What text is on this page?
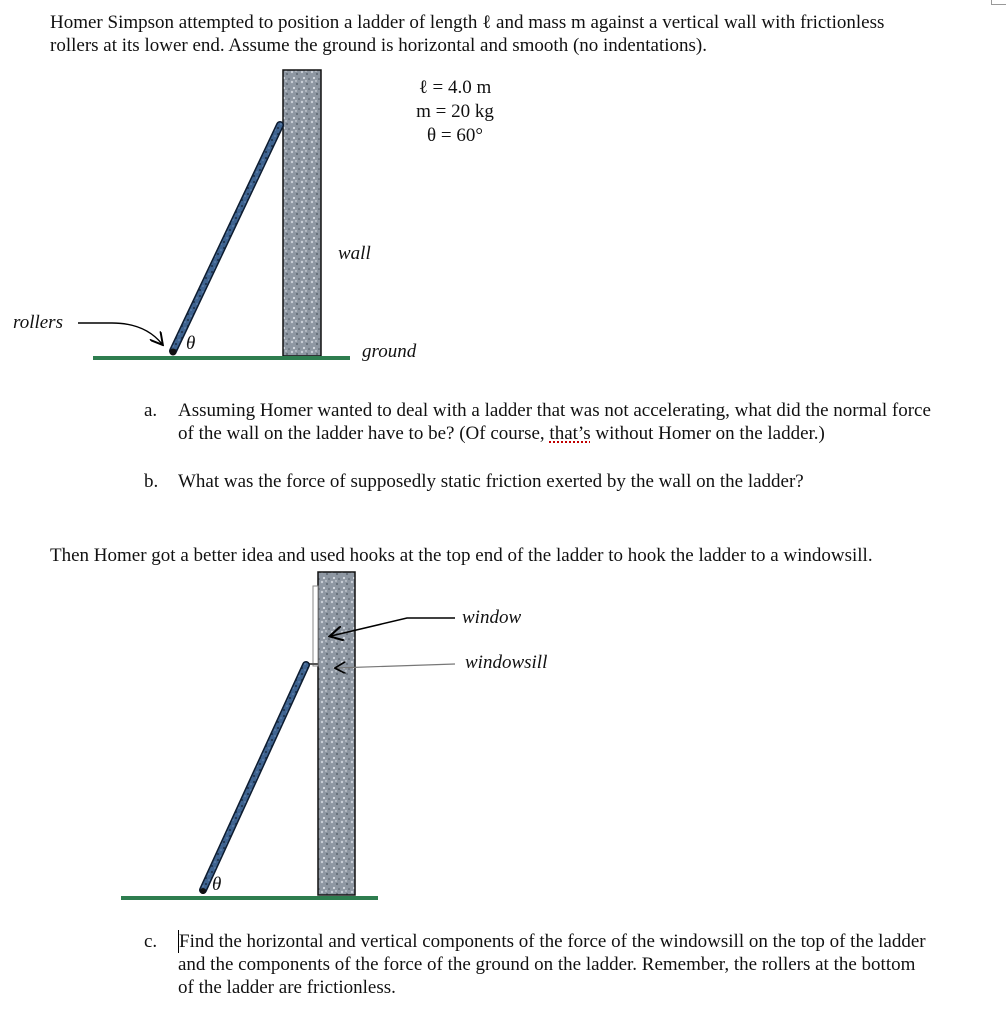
Homer Simpson attempted to position a ladder of length ℓ and mass m against a vertical wall with frictionless

rollers at its lower end. Assume the ground is horizontal and smooth (no indentations).

ℓ = 4.0 m
m = 20 kg
θ = 60°
wall
ground
rollers
θ
a. Assuming Homer wanted to deal with a ladder that was not accelerating, what did the normal force
of the wall on the ladder have to be? (Of course, that’s without Homer on the ladder.)
b. What was the force of supposedly static friction exerted by the wall on the ladder?

Then Homer got a better idea and used hooks at the top end of the ladder to hook the ladder to a windowsill.

window
windowsill
θ
c. Find the horizontal and vertical components of the force of the windowsill on the top of the ladder
and the components of the force of the ground on the ladder. Remember, the rollers at the bottom
of the ladder are frictionless.
